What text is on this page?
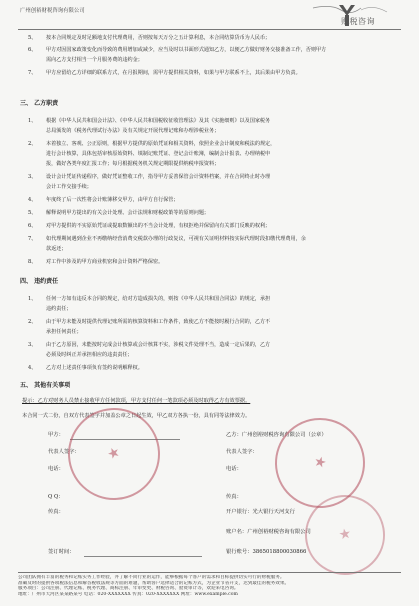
广州创裕财税咨询有限公司
财税咨询
5、 按本合同规定及时足额地支付代理费用，否则按每天万分之五计算利息，本合同结算货币为人民币；
6、 甲方对因国家政策变化而导致的费用增加或减少，应当及时以书面形式通知乙方，以便乙方做好财务交接准备工作，否则甲方
需向乙方支付相当一个月服务费的违约金；
7、 甲方应留给乙方详细的联系方式，在月报期间，需甲方提供相关资料，如果与甲方联系不上，其后果由甲方负责。
三、 乙方职责
1、 根据《中华人民共和国会计法》、《中华人民共和国税收征收管理法》及其《实施细则》以及国家税务
总局颁发的《税务代理试行办法》及有关规定开展代理记账和办理涉税业务；
2、 本着独立、客观、公正原则，根据甲方提供的原始凭证和相关资料，依照企业会计制度和税法的规定，
进行会计核算，具体包括审核原始资料、填制记账凭证、登记会计账簿，编制会计报表、办理纳税申
报，做好各类年度汇报工作；每月根据税务机关规定期限提供纳税申报资料；
3、 设计会计凭证传递程序，做好凭证整收工作，指导甲方妥善保管会计资料档案，并在合同终止时办理
会计工作交接手续；
4、 年度终了后一次性将会计账簿移交甲方，由甲方自行保管；
5、 解释说明甲方提出的有关会计处理、会计法规和财税政策等的原则问题；
6、 对甲方提供的不实原始凭证或提取数额出的不当会计处理，有权拒绝并保留向有关部门反映的权利；
7、 如代理期间遇到企业不再缴纳经营消费交税款办理的行政复议，可视有关证明材料按实际代理时段扣缴代理费用，余
款返还；
8、 对工作中涉及的甲方商业机密和会计资料严格保密。
四、 违约责任
1、 任何一方如有违反本合同的规定，给对方造成损失的，则按《中华人民共和国合同法》的规定，承担
违约责任；
2、 由于甲方未能及时提供代理记账所需的核算资料和工作条件，致使乙方不能按时履行合同的，乙方不
承担任何责任；
3、 由于乙方原因，未能按时完成会计核算或会计核算不实，涉税文件处理不当，造成一定后果的，乙方
必须及时纠正并承担相应的违责责任；
4、 乙方对上述责任事项负有签约说明解释权。
五、 其他有关事项
提示：乙方对财务人员禁止接收甲方任何款项，甲方支付任何一笔款项必须及时取得乙方有效票据。
本合同一式二份，自双方代表签字并加盖公章之日起生效，甲乙双方各执一份，具有同等法律效力。
甲方：
代表人签字：
电话：
Q Q：
传真：
签订时间：
乙方：广州创裕财税咨询有限公司（公章）
代表人签字：
电话：
传真：
开户银行：光大银行天河支行
账户名：广州创裕财税咨询有限公司
银行账号：3865018800030866
★	★
★
公司团队拥有丰富的税务和记账实务工作经验，并了解不同行业的运作，能够根据每个客户的需求和目标提供切实可行的财税服务。
准确及时的提供各项税法信息和解答税收法规等方面的难题，帮助客户选择适合的记账方式，为企业节省开支，达到最佳的税务效果。
服务项目：公司注册、代理记账、税务代理、商标注册、年审变更、财税咨询、验资审计等，欢迎来电咨询。
地址：广州市天河区某某路某号 电话：020-XXXXXXX 传真：020-XXXXXXX 网址：www.example.com
